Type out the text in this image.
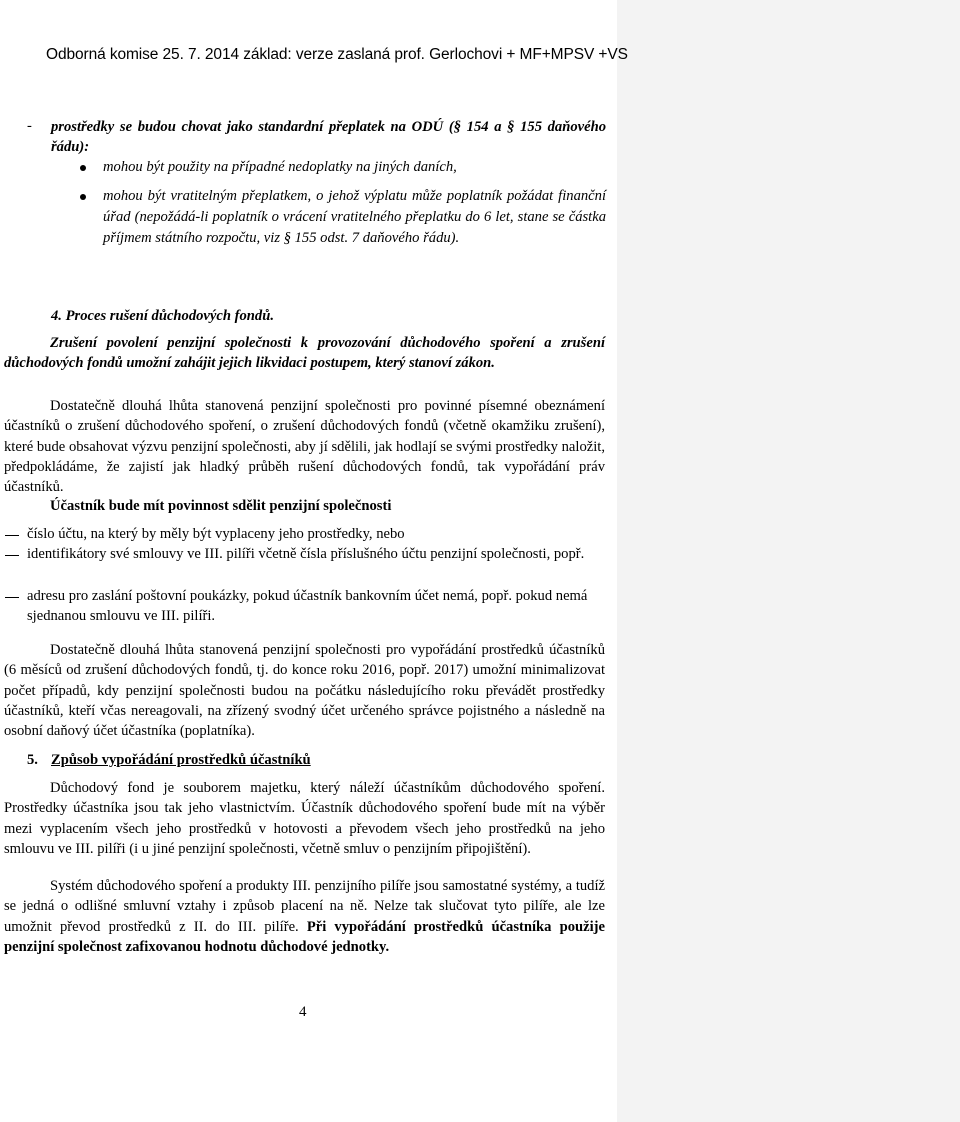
Odborná komise 25. 7. 2014 základ: verze zaslaná prof. Gerlochovi + MF+MPSV +VS
- prostředky se budou chovat jako standardní přeplatek na ODÚ (§ 154 a § 155 daňového řádu):

mohou být použity na případné nedoplatky na jiných daních,

mohou být vratitelným přeplatkem, o jehož výplatu může poplatník požádat finanční úřad (nepožádá-li poplatník o vrácení vratitelného přeplatku do 6 let, stane se částka příjmem státního rozpočtu, viz § 155 odst. 7 daňového řádu).

4. Proces rušení důchodových fondů.

Zrušení povolení penzijní společnosti k provozování důchodového spoření a zrušení důchodových fondů umožní zahájit jejich likvidaci postupem, který stanoví zákon.

Dostatečně dlouhá lhůta stanovená penzijní společnosti pro povinné písemné obeznámení účastníků o zrušení důchodového spoření, o zrušení důchodových fondů (včetně okamžiku zrušení), které bude obsahovat výzvu penzijní společnosti, aby jí sdělili, jak hodlají se svými prostředky naložit, předpokládáme, že zajistí jak hladký průběh rušení důchodových fondů, tak vypořádání práv účastníků.

Účastník bude mít povinnost sdělit penzijní společnosti

číslo účtu, na který by měly být vyplaceny jeho prostředky, nebo

identifikátory své smlouvy ve III. pilíři včetně čísla příslušného účtu penzijní společnosti, popř.

adresu pro zaslání poštovní poukázky, pokud účastník bankovním účet nemá, popř. pokud nemá sjednanou smlouvu ve III. pilíři.

Dostatečně dlouhá lhůta stanovená penzijní společnosti pro vypořádání prostředků účastníků (6 měsíců od zrušení důchodových fondů, tj. do konce roku 2016, popř. 2017) umožní minimalizovat počet případů, kdy penzijní společnosti budou na počátku následujícího roku převádět prostředky účastníků, kteří včas nereagovali, na zřízený svodný účet určeného správce pojistného a následně na osobní daňový účet účastníka (poplatníka).

5. Způsob vypořádání prostředků účastníků

Důchodový fond je souborem majetku, který náleží účastníkům důchodového spoření. Prostředky účastníka jsou tak jeho vlastnictvím. Účastník důchodového spoření bude mít na výběr mezi vyplacením všech jeho prostředků v hotovosti a převodem všech jeho prostředků na jeho smlouvu ve III. pilíři (i u jiné penzijní společnosti, včetně smluv o penzijním připojištění).

Systém důchodového spoření a produkty III. penzijního pilíře jsou samostatné systémy, a tudíž se jedná o odlišné smluvní vztahy i způsob placení na ně. Nelze tak slučovat tyto pilíře, ale lze umožnit převod prostředků z II. do III. pilíře. Při vypořádání prostředků účastníka použije penzijní společnost zafixovanou hodnotu důchodové jednotky.

4
